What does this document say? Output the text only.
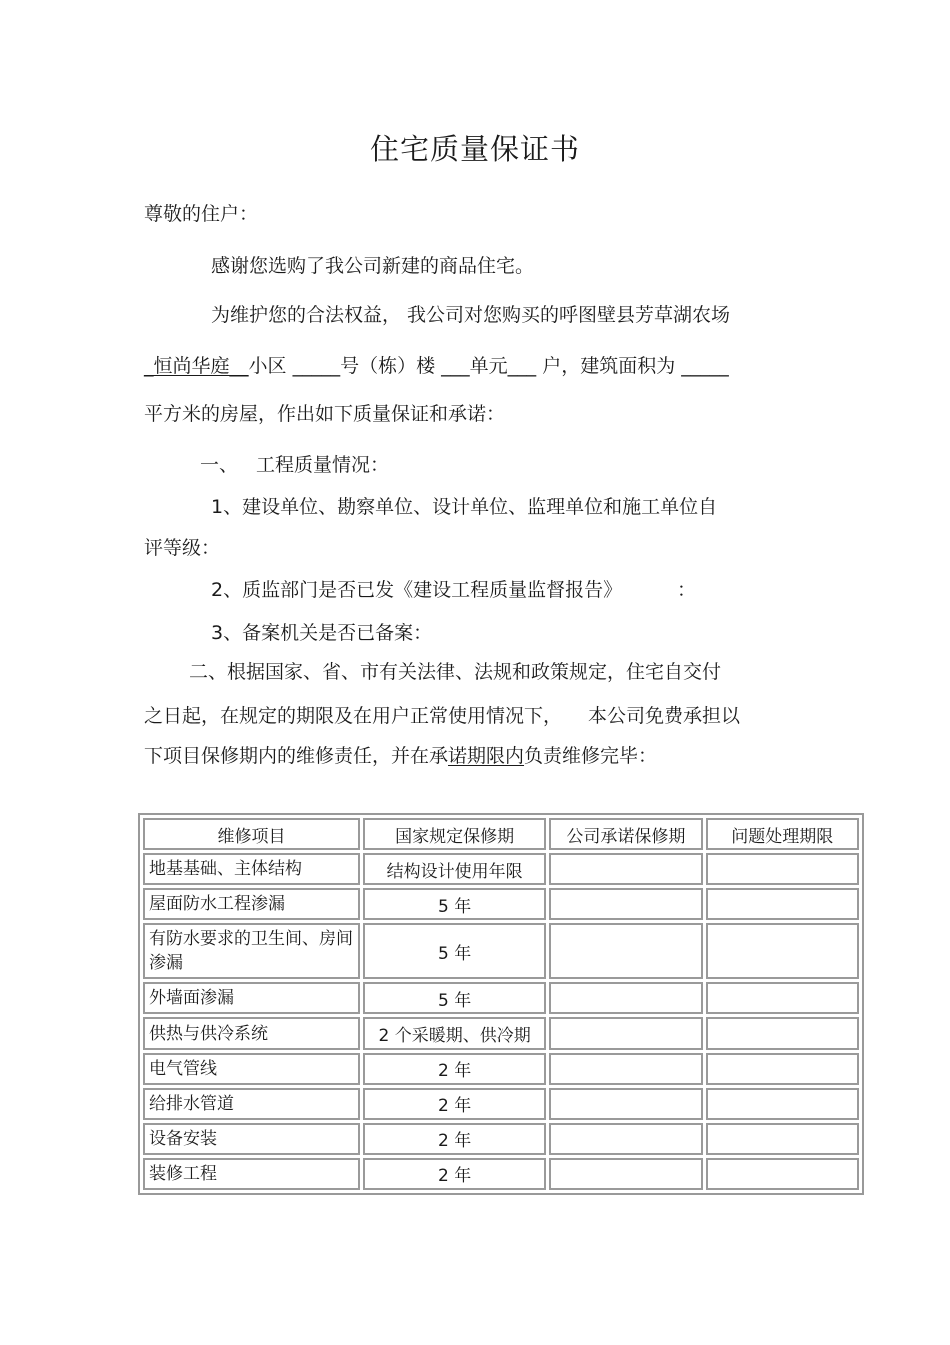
住宅质量保证书
尊敬的住户：
感谢您选购了我公司新建的商品住宅。
为维护您的合法权益， 我公司对您购买的呼图壁县芳草湖农场
_恒尚华庭__小区 _____号（栋）楼 ___单元___ 户，建筑面积为 _____
平方米的房屋，作出如下质量保证和承诺：
一、 工程质量情况：
1、建设单位、勘察单位、设计单位、监理单位和施工单位自
评等级：
2、质监部门是否已发《建设工程质量监督报告》	：
3、备案机关是否已备案：
二、根据国家、省、市有关法律、法规和政策规定，住宅自交付
之日起，在规定的期限及在用户正常使用情况下， 本公司免费承担以
下项目保修期内的维修责任，并在承诺期限内负责维修完毕：
维修项目	国家规定保修期	公司承诺保修期	问题处理期限
地基基础、主体结构	结构设计使用年限		
屋面防水工程渗漏	5 年		
有防水要求的卫生间、房间渗漏	5 年		
外墙面渗漏	5 年		
供热与供冷系统	2 个采暖期、供冷期		
电气管线	2 年		
给排水管道	2 年		
设备安装	2 年		
装修工程	2 年		
